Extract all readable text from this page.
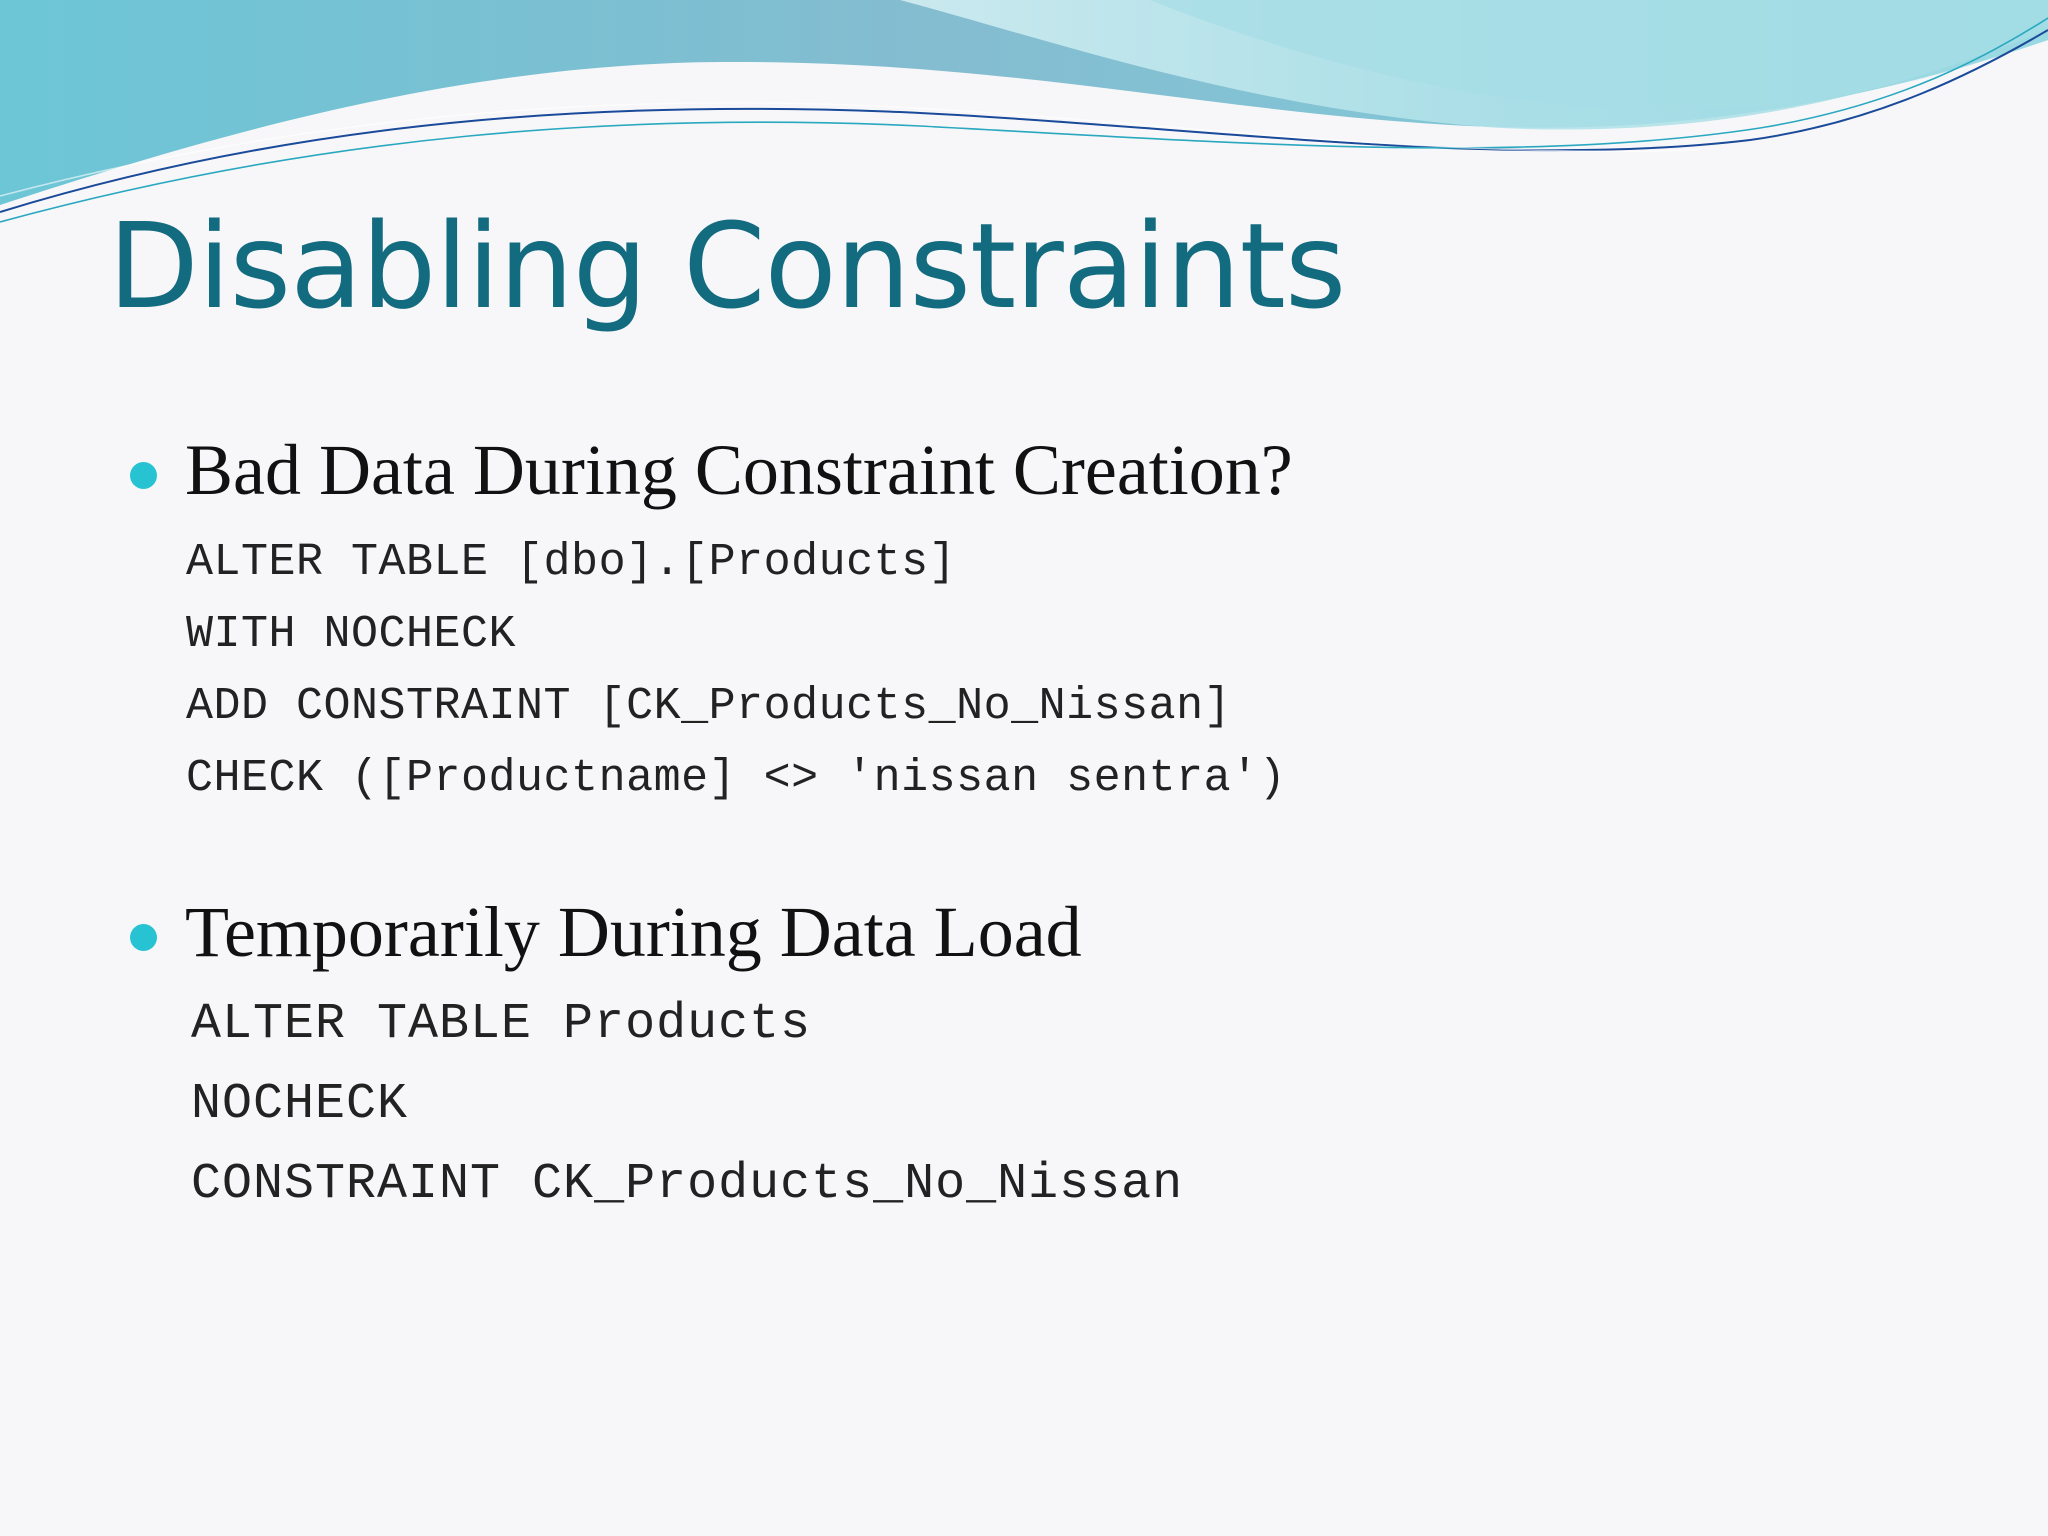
Disabling Constraints
Bad Data During Constraint Creation?
ALTER TABLE [dbo].[Products]
WITH NOCHECK
ADD CONSTRAINT [CK_Products_No_Nissan]
CHECK ([Productname] <> 'nissan sentra')
Temporarily During Data Load
ALTER TABLE Products
NOCHECK
CONSTRAINT CK_Products_No_Nissan
